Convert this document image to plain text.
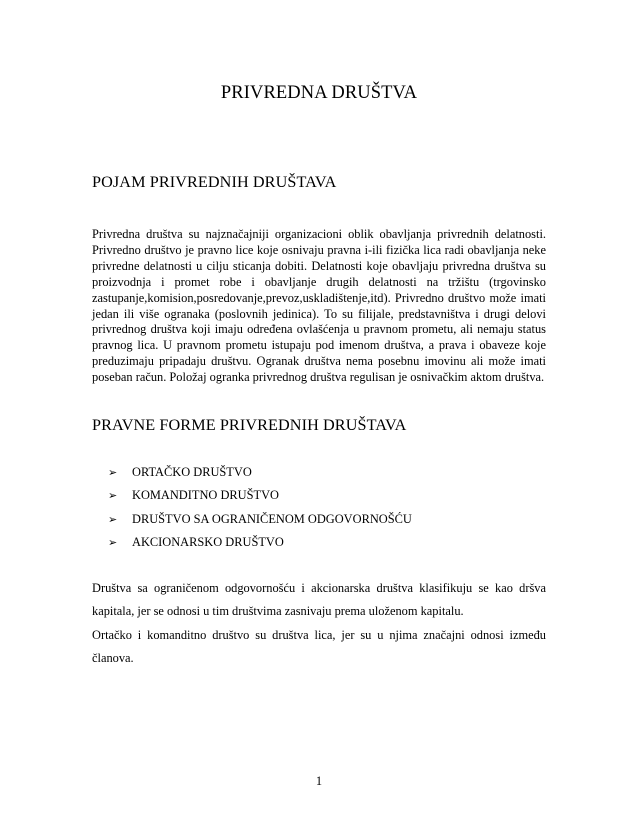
PRIVREDNA DRUŠTVA
POJAM PRIVREDNIH DRUŠTAVA
Privredna društva su najznačajniji organizacioni oblik obavljanja privrednih delatnosti. Privredno društvo je pravno lice koje osnivaju pravna i-ili fizička lica radi obavljanja neke privredne delatnosti u cilju sticanja dobiti. Delatnosti koje obavljaju privredna društva su proizvodnja i promet robe i obavljanje drugih delatnosti na tržištu (trgovinsko zastupanje,komision,posredovanje,prevoz,uskladištenje,itd). Privredno društvo može imati jedan ili više ogranaka (poslovnih jedinica). To su filijale, predstavništva i drugi delovi privrednog društva koji imaju određena ovlašćenja u pravnom prometu, ali nemaju status pravnog lica. U pravnom prometu istupaju pod imenom društva, a prava i obaveze koje preduzimaju pripadaju društvu. Ogranak društva nema posebnu imovinu ali može imati poseban račun. Položaj ogranka privrednog društva regulisan je osnivačkim aktom društva.
PRAVNE FORME PRIVREDNIH DRUŠTAVA
➢ ORTAČKO DRUŠTVO
➢ KOMANDITNO DRUŠTVO
➢ DRUŠTVO SA OGRANIČENOM ODGOVORNOŠĆU
➢ AKCIONARSKO DRUŠTVO

Društva sa ograničenom odgovornošću i akcionarska društva klasifikuju se kao dršva kapitala, jer se odnosi u tim društvima zasnivaju prema uloženom kapitalu.

Ortačko i komanditno društvo su društva lica, jer su u njima značajni odnosi između članova.

1
